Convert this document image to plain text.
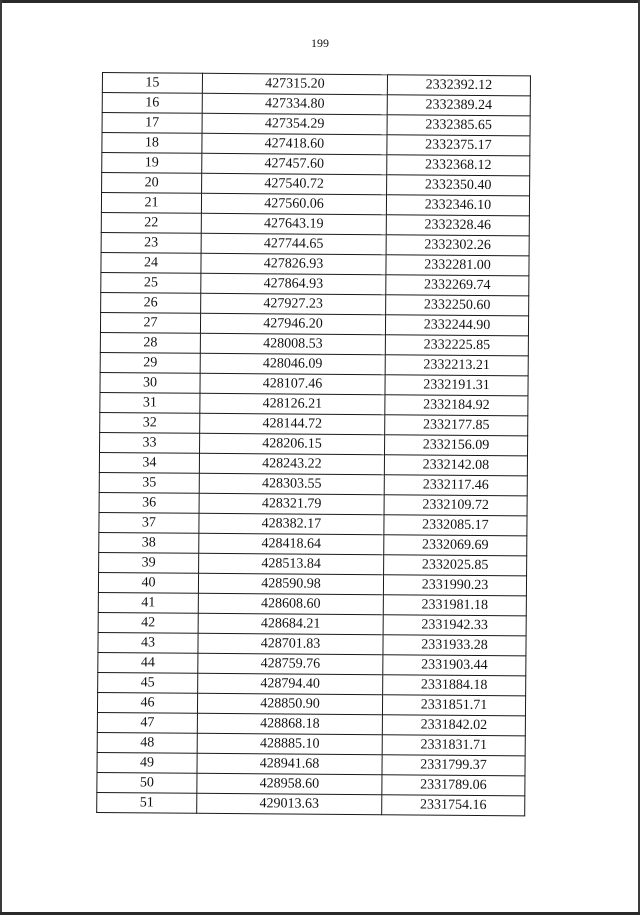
199
15	427315.20	2332392.12
16	427334.80	2332389.24
17	427354.29	2332385.65
18	427418.60	2332375.17
19	427457.60	2332368.12
20	427540.72	2332350.40
21	427560.06	2332346.10
22	427643.19	2332328.46
23	427744.65	2332302.26
24	427826.93	2332281.00
25	427864.93	2332269.74
26	427927.23	2332250.60
27	427946.20	2332244.90
28	428008.53	2332225.85
29	428046.09	2332213.21
30	428107.46	2332191.31
31	428126.21	2332184.92
32	428144.72	2332177.85
33	428206.15	2332156.09
34	428243.22	2332142.08
35	428303.55	2332117.46
36	428321.79	2332109.72
37	428382.17	2332085.17
38	428418.64	2332069.69
39	428513.84	2332025.85
40	428590.98	2331990.23
41	428608.60	2331981.18
42	428684.21	2331942.33
43	428701.83	2331933.28
44	428759.76	2331903.44
45	428794.40	2331884.18
46	428850.90	2331851.71
47	428868.18	2331842.02
48	428885.10	2331831.71
49	428941.68	2331799.37
50	428958.60	2331789.06
51	429013.63	2331754.16
